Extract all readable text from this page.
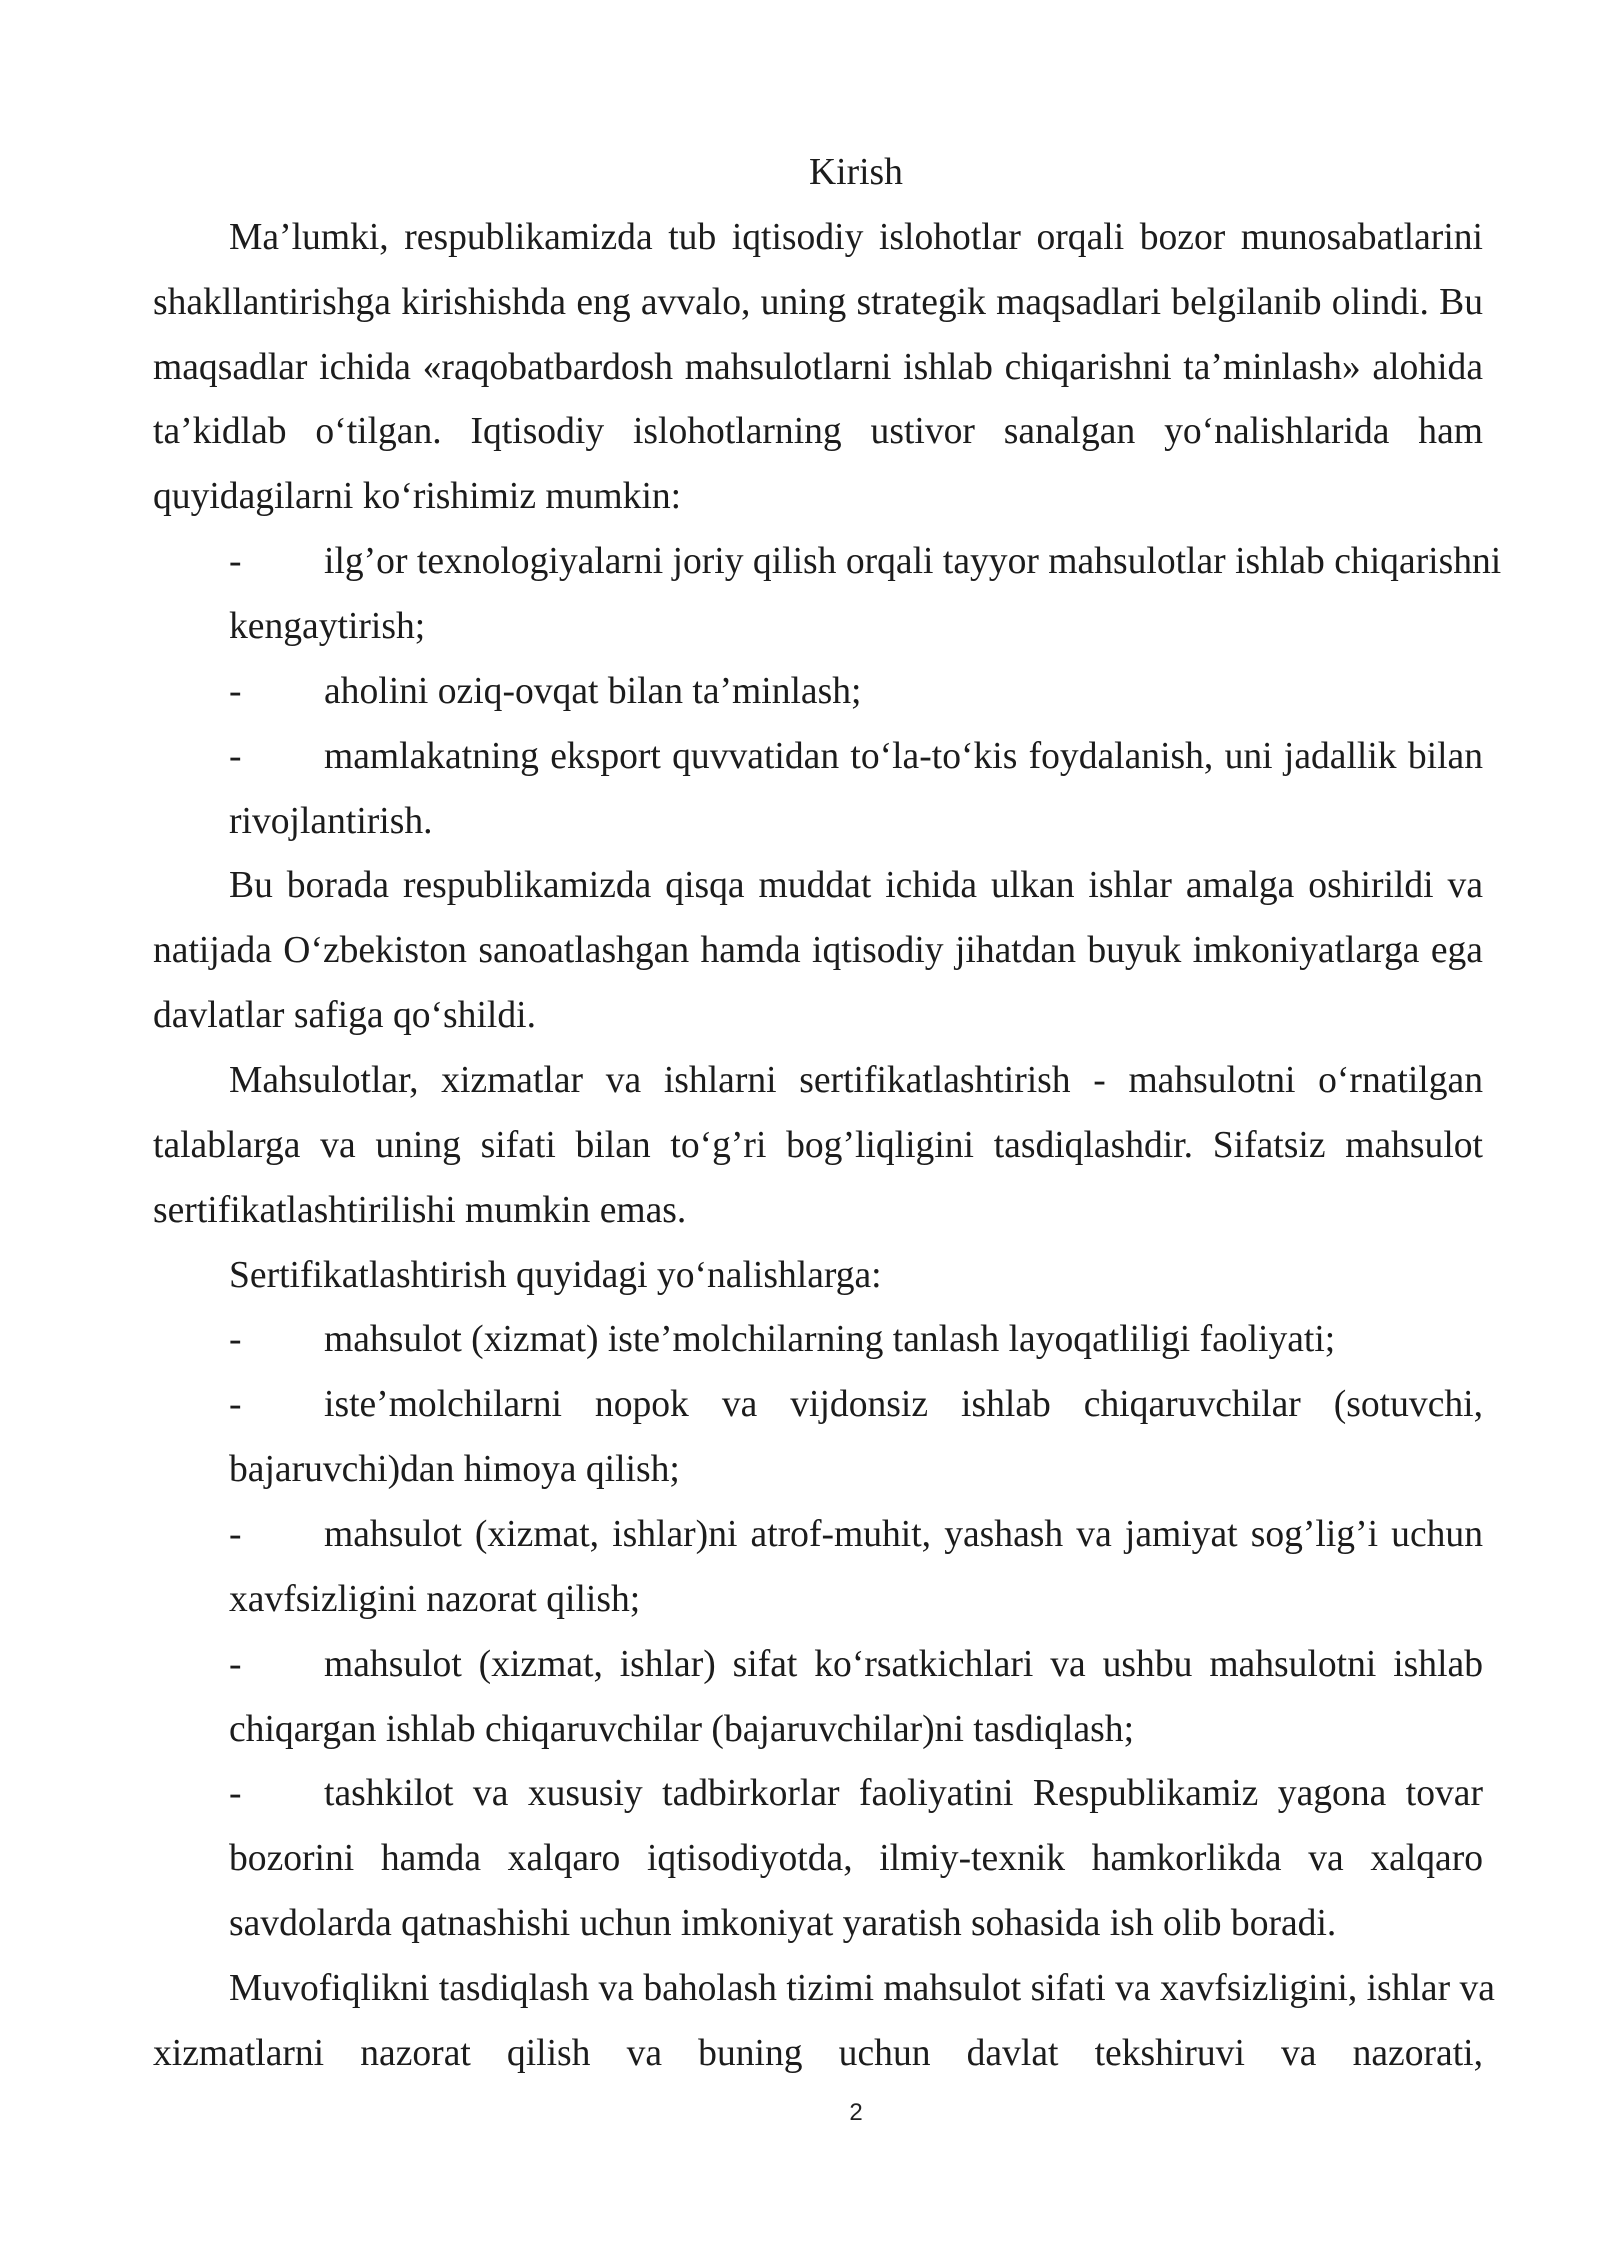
Kirish
Ma’lumki, respublikamizda tub iqtisodiy islohotlar orqali bozor munosabatlarini
shakllantirishga kirishishda eng avvalo, uning strategik maqsadlari belgilanib olindi. Bu
maqsadlar ichida «raqobatbardosh mahsulotlarni ishlab chiqarishni ta’minlash» alohida
ta’kidlab o‘tilgan. Iqtisodiy islohotlarning ustivor sanalgan yo‘nalishlarida ham
quyidagilarni ko‘rishimiz mumkin:
-	ilg’or texnologiyalarni joriy qilish orqali tayyor mahsulotlar ishlab chiqarishni
kengaytirish;
-	aholini oziq-ovqat bilan ta’minlash;
-	mamlakatning eksport quvvatidan to‘la-to‘kis foydalanish, uni jadallik bilan
rivojlantirish.
Bu borada respublikamizda qisqa muddat ichida ulkan ishlar amalga oshirildi va
natijada O‘zbekiston sanoatlashgan hamda iqtisodiy jihatdan buyuk imkoniyatlarga ega
davlatlar safiga qo‘shildi.
Mahsulotlar, xizmatlar va ishlarni sertifikatlashtirish - mahsulotni o‘rnatilgan
talablarga va uning sifati bilan to‘g’ri bog’liqligini tasdiqlashdir. Sifatsiz mahsulot
sertifikatlashtirilishi mumkin emas.
Sertifikatlashtirish quyidagi yo‘nalishlarga:
-	mahsulot (xizmat) iste’molchilarning tanlash layoqatliligi faoliyati;
-	iste’molchilarni nopok va vijdonsiz ishlab chiqaruvchilar (sotuvchi,
bajaruvchi)dan himoya qilish;
-	mahsulot (xizmat, ishlar)ni atrof-muhit, yashash va jamiyat sog’lig’i uchun
xavfsizligini nazorat qilish;
-	mahsulot (xizmat, ishlar) sifat ko‘rsatkichlari va ushbu mahsulotni ishlab
chiqargan ishlab chiqaruvchilar (bajaruvchilar)ni tasdiqlash;
-	tashkilot va xususiy tadbirkorlar faoliyatini Respublikamiz yagona tovar
bozorini hamda xalqaro iqtisodiyotda, ilmiy-texnik hamkorlikda va xalqaro
savdolarda qatnashishi uchun imkoniyat yaratish sohasida ish olib boradi.
Muvofiqlikni tasdiqlash va baholash tizimi mahsulot sifati va xavfsizligini, ishlar va
xizmatlarni nazorat qilish va buning uchun davlat tekshiruvi va nazorati,
2
